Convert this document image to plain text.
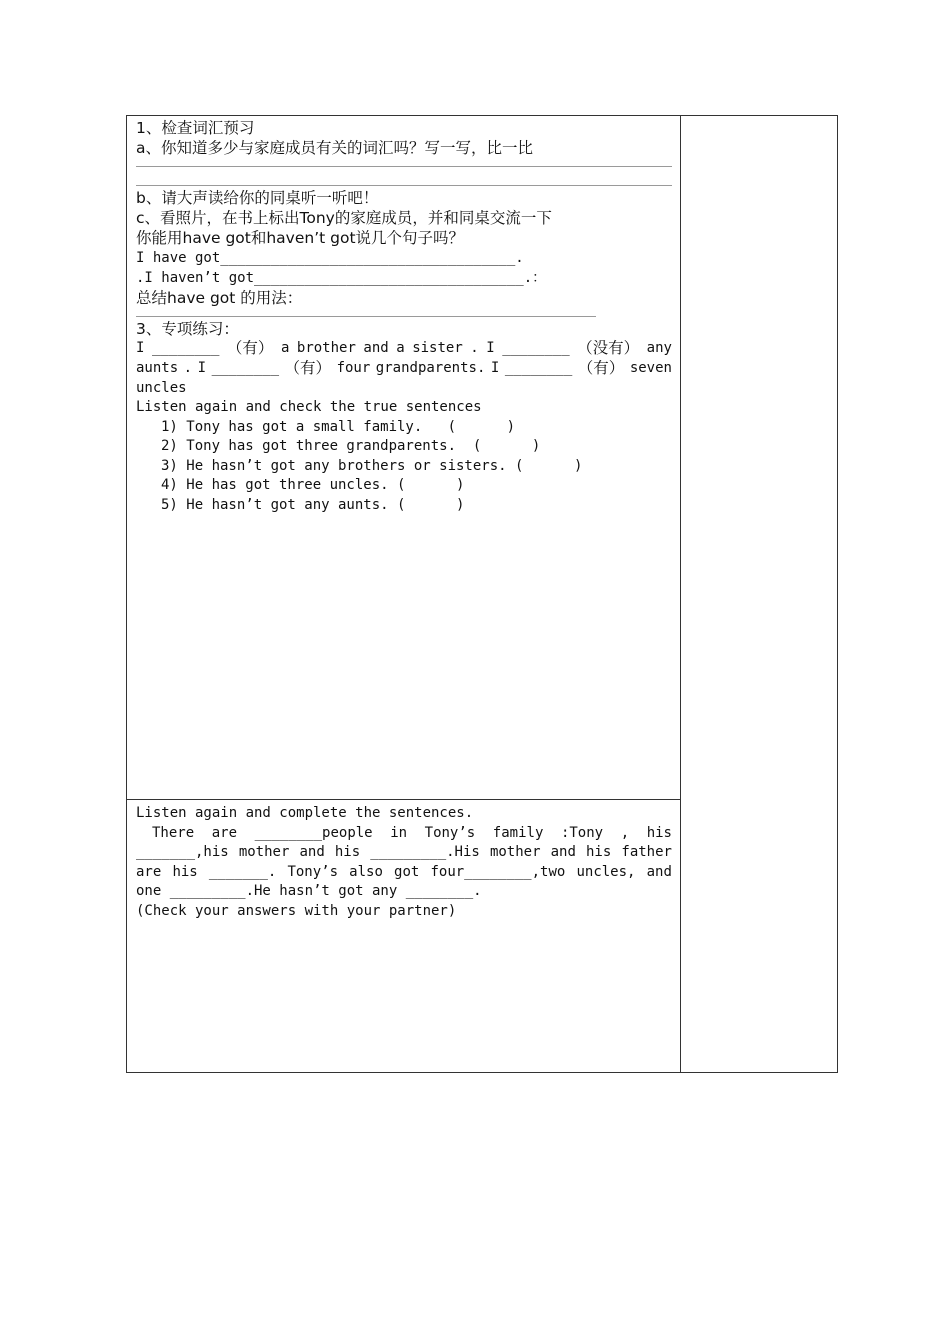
1、检查词汇预习
a、你知道多少与家庭成员有关的词汇吗？写一写，比一比
b、请大声读给你的同桌听一听吧！
c、看照片，在书上标出Tony的家庭成员，并和同桌交流一下
你能用have got和haven’t got说几个句子吗？
I have got___________________________________.
.I haven’t got________________________________.：
总结have got 的用法：
3、专项练习：
I ________ （有） a brother and a sister . I ________ （没有） any
aunts . I ________ （有） four grandparents. I ________ （有） seven
uncles
Listen again and check the true sentences
1) Tony has got a small family.   (      )
2) Tony has got three grandparents.  (      )
3) He hasn’t got any brothers or sisters. (      )
4) He has got three uncles. (      )
5) He hasn’t got any aunts. (      )
Listen again and complete the sentences.
There are ________people in Tony’s family :Tony , his
_______,his mother and his _________.His mother and his father
are his _______. Tony’s also got four________,two uncles, and
one _________.He hasn’t got any ________.
(Check your answers with your partner)
